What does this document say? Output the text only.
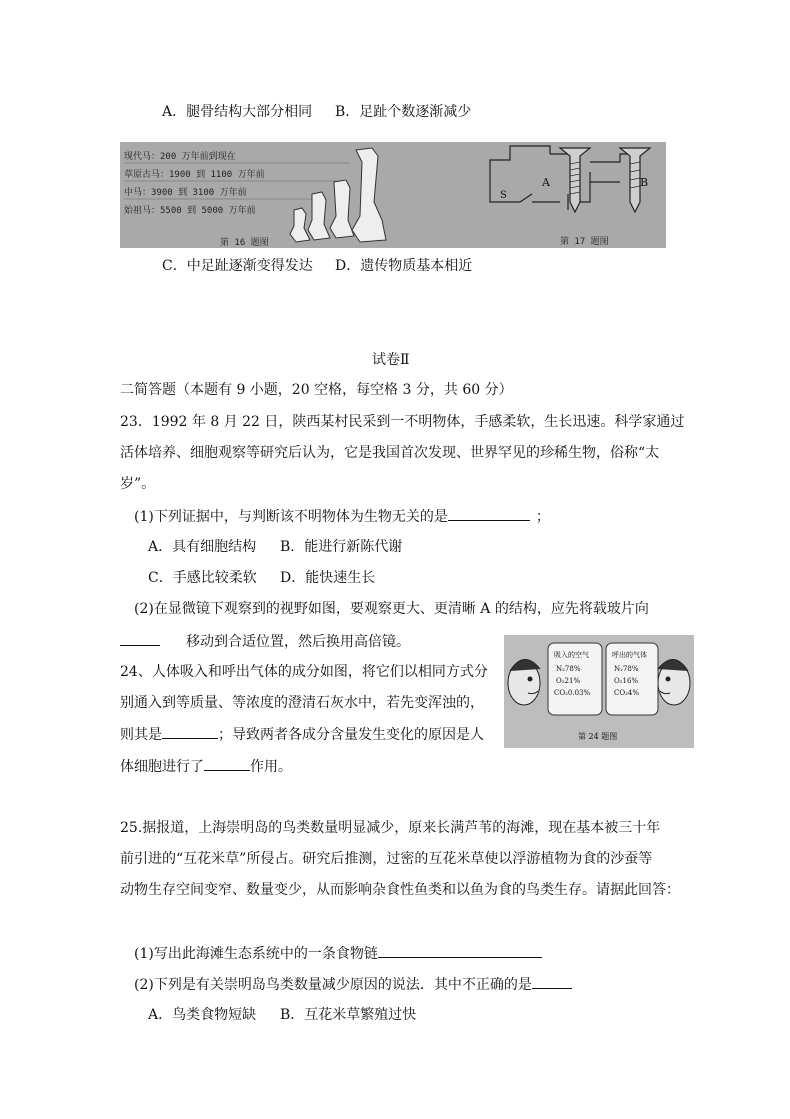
A．腿骨结构大部分相同 B．足趾个数逐渐减少
现代马：200 万年前到现在
草原古马：1900 到 1100 万年前
中马：3900 到 3100 万年前
始祖马：5500 到 5000 万年前
第 16 题图
A	B
S
第 17 题图
C．中足趾逐渐变得发达 D．遗传物质基本相近
试卷Ⅱ
二简答题（本题有 9 小题，20 空格，每空格 3 分，共 60 分）
23．1992 年 8 月 22 日，陕西某村民采到一不明物体，手感柔软，生长迅速。科学家通过
活体培养、细胞观察等研究后认为，它是我国首次发现、世界罕见的珍稀生物，俗称“太
岁”。
(1)下列证据中，与判断该不明物体为生物无关的是	；
A．具有细胞结构 B．能进行新陈代谢
C．手感比较柔软 D．能快速生长
(2)在显微镜下观察到的视野如图，要观察更大、更清晰 A 的结构，应先将载玻片向
移动到合适位置，然后换用高倍镜。
24、人体吸入和呼出气体的成分如图，将它们以相同方式分
别通入到等质量、等浓度的澄清石灰水中，若先变浑浊的，
则其是	；导致两者各成分含量发生变化的原因是人
体细胞进行了	作用。
吸入的空气
N₂78%
O₂21%
CO₂0.03%
呼出的气体
N₂78%
O₂16%
CO₂4%
第 24 题图
25.据报道，上海崇明岛的鸟类数量明显减少，原来长满芦苇的海滩，现在基本被三十年
前引进的“互花米草”所侵占。研究后推测，过密的互花米草使以浮游植物为食的沙蚕等
动物生存空间变窄、数量变少，从而影响杂食性鱼类和以鱼为食的鸟类生存。请据此回答：
(1)写出此海滩生态系统中的一条食物链
(2)下列是有关崇明岛鸟类数量减少原因的说法．其中不正确的是
A．鸟类食物短缺 B．互花米草繁殖过快
